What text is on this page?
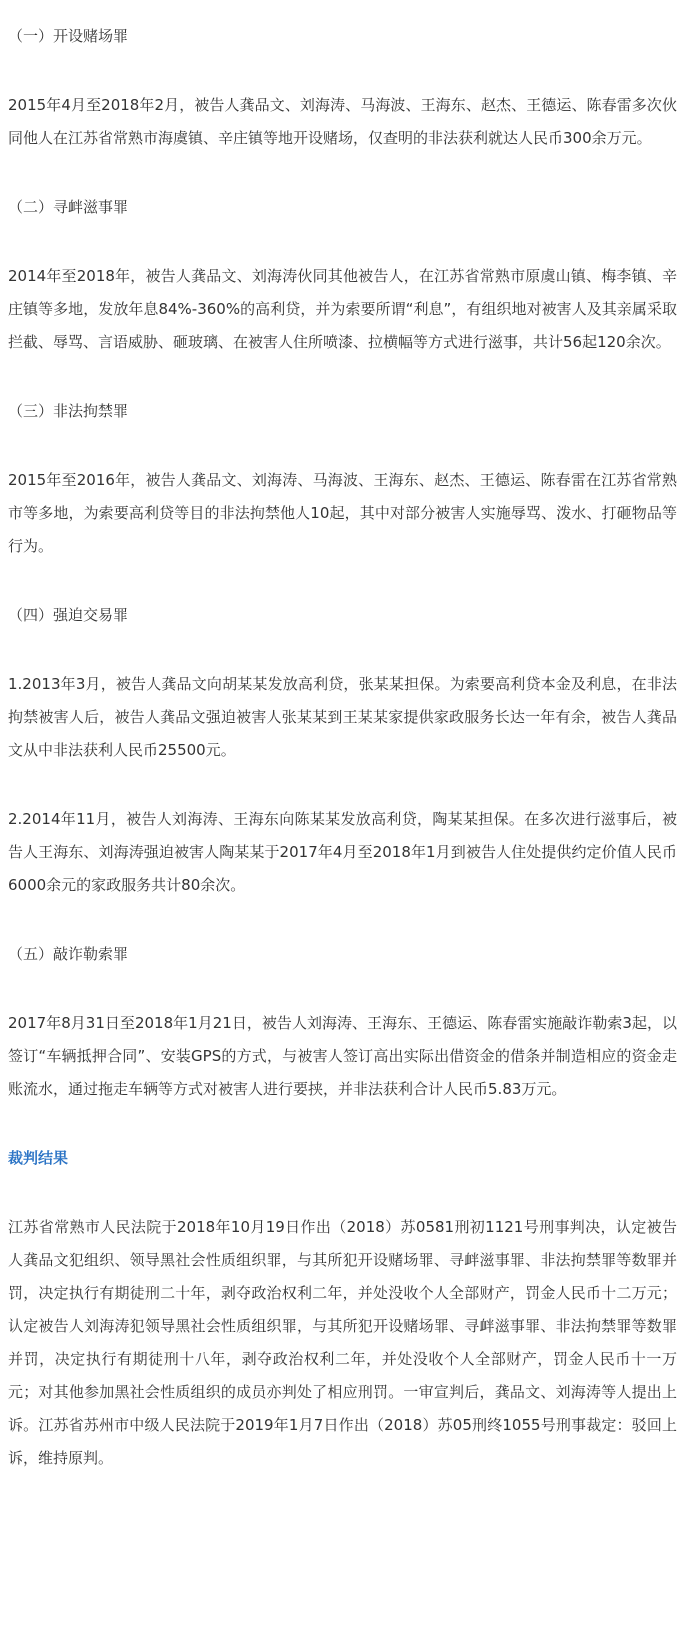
（一）开设赌场罪

2015年4月至2018年2月，被告人龚品文、刘海涛、马海波、王海东、赵杰、王德运、陈春雷多次伙同他人在江苏省常熟市海虞镇、辛庄镇等地开设赌场，仅查明的非法获利就达人民币300余万元。

（二）寻衅滋事罪

2014年至2018年，被告人龚品文、刘海涛伙同其他被告人，在江苏省常熟市原虞山镇、梅李镇、辛庄镇等多地，发放年息84%-360%的高利贷，并为索要所谓“利息”，有组织地对被害人及其亲属采取拦截、辱骂、言语威胁、砸玻璃、在被害人住所喷漆、拉横幅等方式进行滋事，共计56起120余次。

（三）非法拘禁罪

2015年至2016年，被告人龚品文、刘海涛、马海波、王海东、赵杰、王德运、陈春雷在江苏省常熟市等多地，为索要高利贷等目的非法拘禁他人10起，其中对部分被害人实施辱骂、泼水、打砸物品等行为。

（四）强迫交易罪

1.2013年3月，被告人龚品文向胡某某发放高利贷，张某某担保。为索要高利贷本金及利息，在非法拘禁被害人后，被告人龚品文强迫被害人张某某到王某某家提供家政服务长达一年有余，被告人龚品文从中非法获利人民币25500元。

2.2014年11月，被告人刘海涛、王海东向陈某某发放高利贷，陶某某担保。在多次进行滋事后，被告人王海东、刘海涛强迫被害人陶某某于2017年4月至2018年1月到被告人住处提供约定价值人民币6000余元的家政服务共计80余次。

（五）敲诈勒索罪

2017年8月31日至2018年1月21日，被告人刘海涛、王海东、王德运、陈春雷实施敲诈勒索3起，以签订“车辆抵押合同”、安装GPS的方式，与被害人签订高出实际出借资金的借条并制造相应的资金走账流水，通过拖走车辆等方式对被害人进行要挟，并非法获利合计人民币5.83万元。

裁判结果

江苏省常熟市人民法院于2018年10月19日作出（2018）苏0581刑初1121号刑事判决，认定被告人龚品文犯组织、领导黑社会性质组织罪，与其所犯开设赌场罪、寻衅滋事罪、非法拘禁罪等数罪并罚，决定执行有期徒刑二十年，剥夺政治权利二年，并处没收个人全部财产，罚金人民币十二万元；认定被告人刘海涛犯领导黑社会性质组织罪，与其所犯开设赌场罪、寻衅滋事罪、非法拘禁罪等数罪并罚，决定执行有期徒刑十八年，剥夺政治权利二年，并处没收个人全部财产，罚金人民币十一万元；对其他参加黑社会性质组织的成员亦判处了相应刑罚。一审宣判后，龚品文、刘海涛等人提出上诉。江苏省苏州市中级人民法院于2019年1月7日作出（2018）苏05刑终1055号刑事裁定：驳回上诉，维持原判。
